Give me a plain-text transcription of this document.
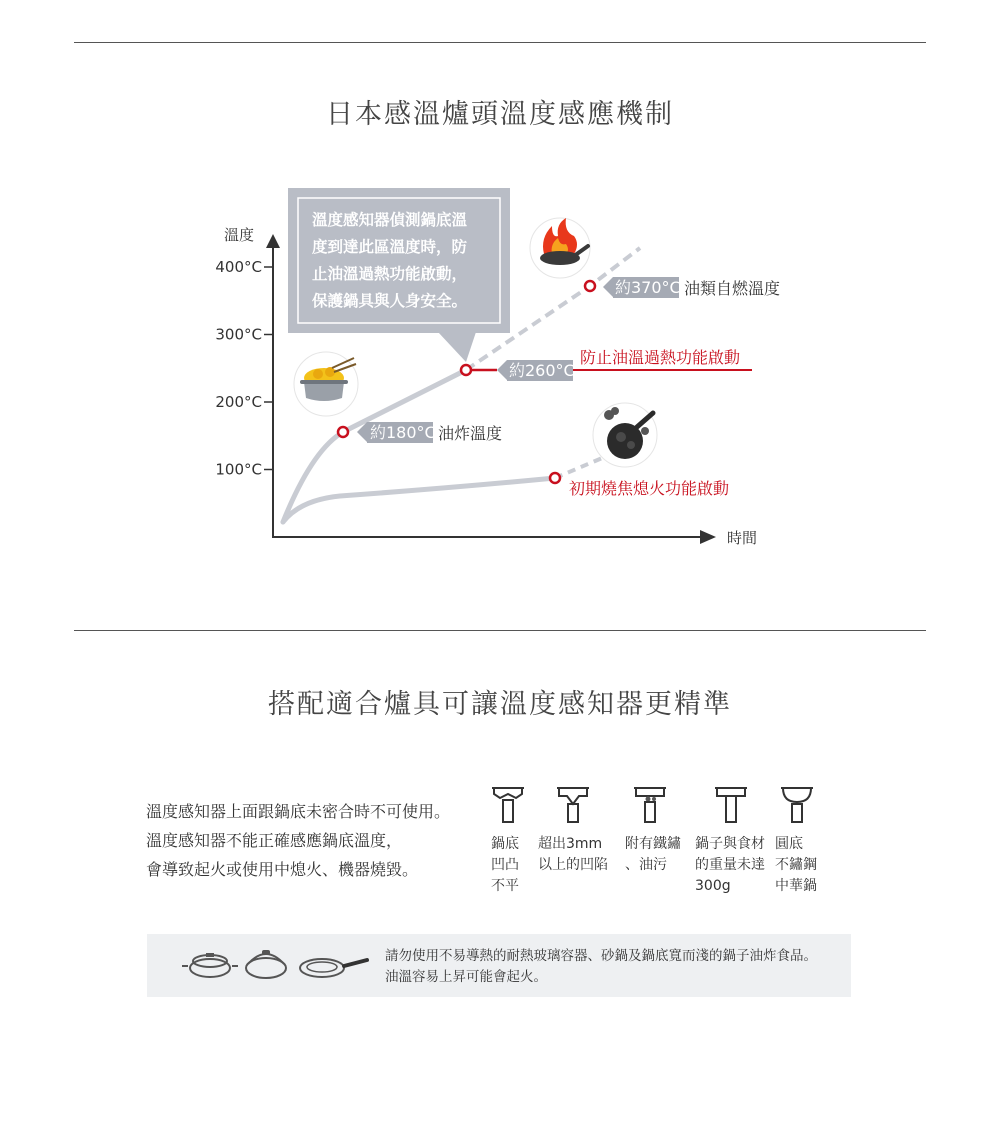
日本感溫爐頭溫度感應機制
溫度
時間
400°C
300°C
200°C
100°C
溫度感知器偵測鍋底溫
度到達此區溫度時，防
止油溫過熱功能啟動，
保護鍋具與人身安全。
約180°C 油炸溫度
約260°C
防止油溫過熱功能啟動
約370°C 油類自燃溫度
初期燒焦熄火功能啟動
搭配適合爐具可讓溫度感知器更精準
溫度感知器上面跟鍋底未密合時不可使用。
溫度感知器不能正確感應鍋底溫度，
會導致起火或使用中熄火、機器燒毀。
鍋底
凹凸
不平
超出3mm
以上的凹陷
附有鐵鏽
、油污
鍋子與食材
的重量未達
300g
圓底
不鏽鋼
中華鍋
請勿使用不易導熱的耐熱玻璃容器、砂鍋及鍋底寬而淺的鍋子油炸食品。
油溫容易上昇可能會起火。
